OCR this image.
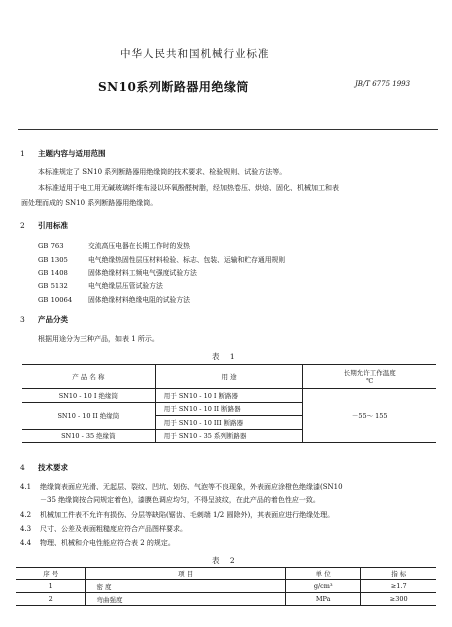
中华人民共和国机械行业标准
SN10系列断路器用绝缘筒	JB/T 6775 1993
1 主题内容与适用范围
本标准规定了 SN10 系列断路器用绝缘筒的技术要求、检验规则、试验方法等。
本标准适用于电工用无碱玻璃纤维布浸以环氧酚醛树脂，经加热卷压、烘焙、固化、机械加工和表
面处理而成的 SN10 系列断路器用绝缘筒。
2 引用标准
GB 763	交流高压电器在长期工作时的发热
GB 1305	电气绝缘热固性层压材料检验、标志、包装、运输和贮存通用规则
GB 1408	固体绝缘材料工频电气强度试验方法
GB 5132	电气绝缘层压管试验方法
GB 10064 固体绝缘材料绝缘电阻的试验方法
3 产品分类
根据用途分为三种产品，如表 1 所示。
表 1
产 品 名 称	用 途	长期允许工作温度
℃

SN10 - 10 I 绝缘筒	用于 SN10 - 10 I 断路器	－55～ 155
SN10 - 10 II 绝缘筒	用于 SN10 - 10 II 断路器	
	用于 SN10 - 10 III 断路器	
SN10 - 35 绝缘筒	用于 SN10 - 35 系列断路器	
4 技术要求
4.1 绝缘筒表面应光滑、无起层、裂纹、凹坑、划伤、气泡等不良现象，外表面应涂橙色绝缘漆(SN10
－35 绝缘筒按合同规定着色)，漆膜色调应均匀，不得呈波纹，在此产品的着色性应一致。
4.2 机械加工件表不允许有损伤、分层等缺陷(锯齿、毛刺端 1/2 圆除外)，其表面应进行绝缘处理。
4.3 尺寸、公差及表面粗糙度应符合产品图样要求。
4.4 物理、机械和介电性能应符合表 2 的规定。
表 2
序 号	项 目	单 位	指 标
1	密 度	g/cm³	≥1.7
2	弯曲强度	MPa	≥300
